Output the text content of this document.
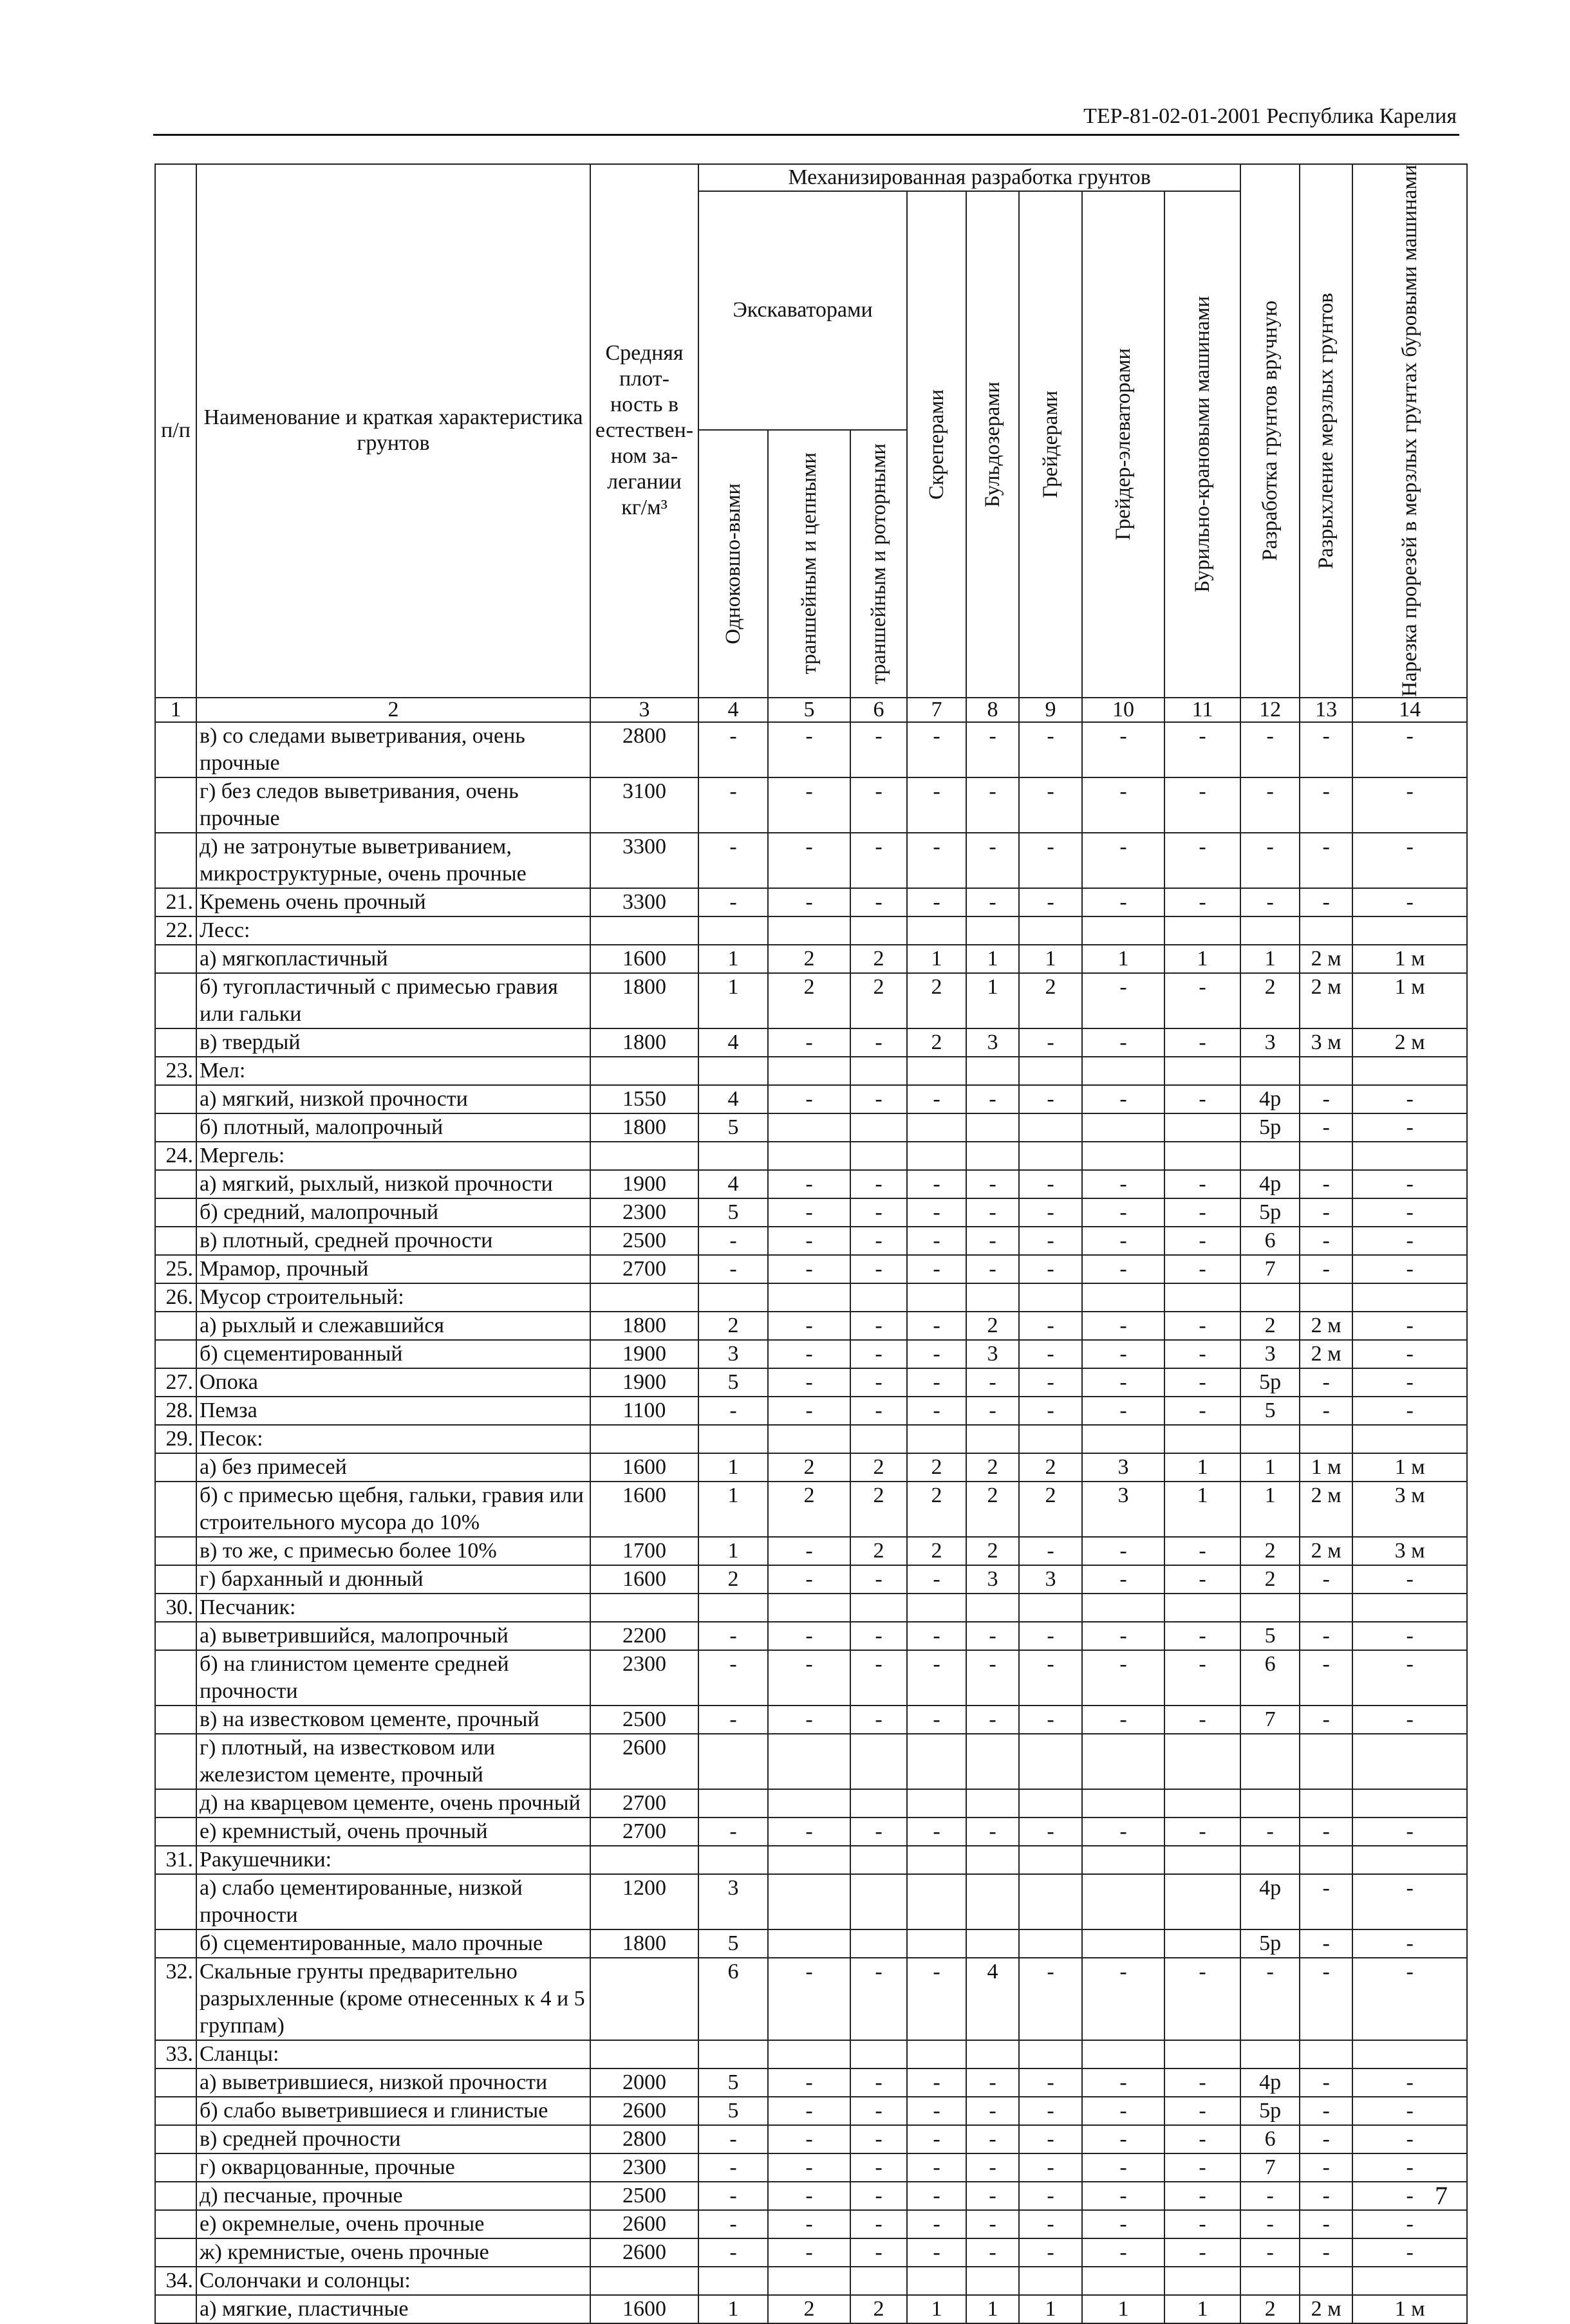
ТЕР-81-02-01-2001 Республика Карелия
п/п	Наименование и краткая характеристика грунтов	Средняя плот-ность в естествен-ном за-легании кг/м³	Механизированная разработка грунтов								Разработка грунтов вручную	Разрыхление мерзлых грунтов	Нарезка прорезей в мерзлых грунтах буровыми машинами

			Экскаваторами			Скреперами	Бульдозерами	Грейдерами	Грейдер-элеваторами	Бурильно-крановыми машинами			

			Одноковшо-выми	траншейным и цепными	траншейным и роторными								

1	2	3	4	5	6	7	8	9	10	11	12	13	14
	в) со следами выветривания, очень прочные	2800	-	-	-	-	-	-	-	-	-	-	-
	г) без следов выветривания, очень прочные	3100	-	-	-	-	-	-	-	-	-	-	-
	д) не затронутые выветриванием, микроструктурные, очень прочные	3300	-	-	-	-	-	-	-	-	-	-	-
21.	Кремень очень прочный	3300	-	-	-	-	-	-	-	-	-	-	-
22.	Лесс:												
	а) мягкопластичный	1600	1	2	2	1	1	1	1	1	1	2 м	1 м
	б) тугопластичный с примесью гравия или гальки	1800	1	2	2	2	1	2	-	-	2	2 м	1 м
	в) твердый	1800	4	-	-	2	3	-	-	-	3	3 м	2 м
23.	Мел:												
	а) мягкий, низкой прочности	1550	4	-	-	-	-	-	-	-	4р	-	-
	б) плотный, малопрочный	1800	5								5р	-	-
24.	Мергель:												
	а) мягкий, рыхлый, низкой прочности	1900	4	-	-	-	-	-	-	-	4р	-	-
	б) средний, малопрочный	2300	5	-	-	-	-	-	-	-	5р	-	-
	в) плотный, средней прочности	2500	-	-	-	-	-	-	-	-	6	-	-
25.	Мрамор, прочный	2700	-	-	-	-	-	-	-	-	7	-	-
26.	Мусор строительный:												
	а) рыхлый и слежавшийся	1800	2	-	-	-	2	-	-	-	2	2 м	-
	б) сцементированный	1900	3	-	-	-	3	-	-	-	3	2 м	-
27.	Опока	1900	5	-	-	-	-	-	-	-	5р	-	-
28.	Пемза	1100	-	-	-	-	-	-	-	-	5	-	-
29.	Песок:												
	а) без примесей	1600	1	2	2	2	2	2	3	1	1	1 м	1 м
	б) с примесью щебня, гальки, гравия или строительного мусора до 10%	1600	1	2	2	2	2	2	3	1	1	2 м	3 м
	в) то же, с примесью более 10%	1700	1	-	2	2	2	-	-	-	2	2 м	3 м
	г) барханный и дюнный	1600	2	-	-	-	3	3	-	-	2	-	-
30.	Песчаник:												
	а) выветрившийся, малопрочный	2200	-	-	-	-	-	-	-	-	5	-	-
	б) на глинистом цементе средней прочности	2300	-	-	-	-	-	-	-	-	6	-	-
	в) на известковом цементе, прочный	2500	-	-	-	-	-	-	-	-	7	-	-
	г) плотный, на известковом или железистом цементе, прочный	2600											
	д) на кварцевом цементе, очень прочный	2700											
	е) кремнистый, очень прочный	2700	-	-	-	-	-	-	-	-	-	-	-
31.	Ракушечники:												
	а) слабо цементированные, низкой прочности	1200	3								4р	-	-
	б) сцементированные, мало прочные	1800	5								5р	-	-
32.	Скальные грунты предварительно разрыхленные (кроме отнесенных к 4 и 5 группам)		6	-	-	-	4	-	-	-	-	-	-
33.	Сланцы:												
	а) выветрившиеся, низкой прочности	2000	5	-	-	-	-	-	-	-	4р	-	-
	б) слабо выветрившиеся и глинистые	2600	5	-	-	-	-	-	-	-	5р	-	-
	в) средней прочности	2800	-	-	-	-	-	-	-	-	6	-	-
	г) окварцованные, прочные	2300	-	-	-	-	-	-	-	-	7	-	-
	д) песчаные, прочные	2500	-	-	-	-	-	-	-	-	-	-	-
	е) окремнелые, очень прочные	2600	-	-	-	-	-	-	-	-	-	-	-
	ж) кремнистые, очень прочные	2600	-	-	-	-	-	-	-	-	-	-	-
34.	Солончаки и солонцы:												
	а) мягкие, пластичные	1600	1	2	2	1	1	1	1	1	2	2 м	1 м
7
